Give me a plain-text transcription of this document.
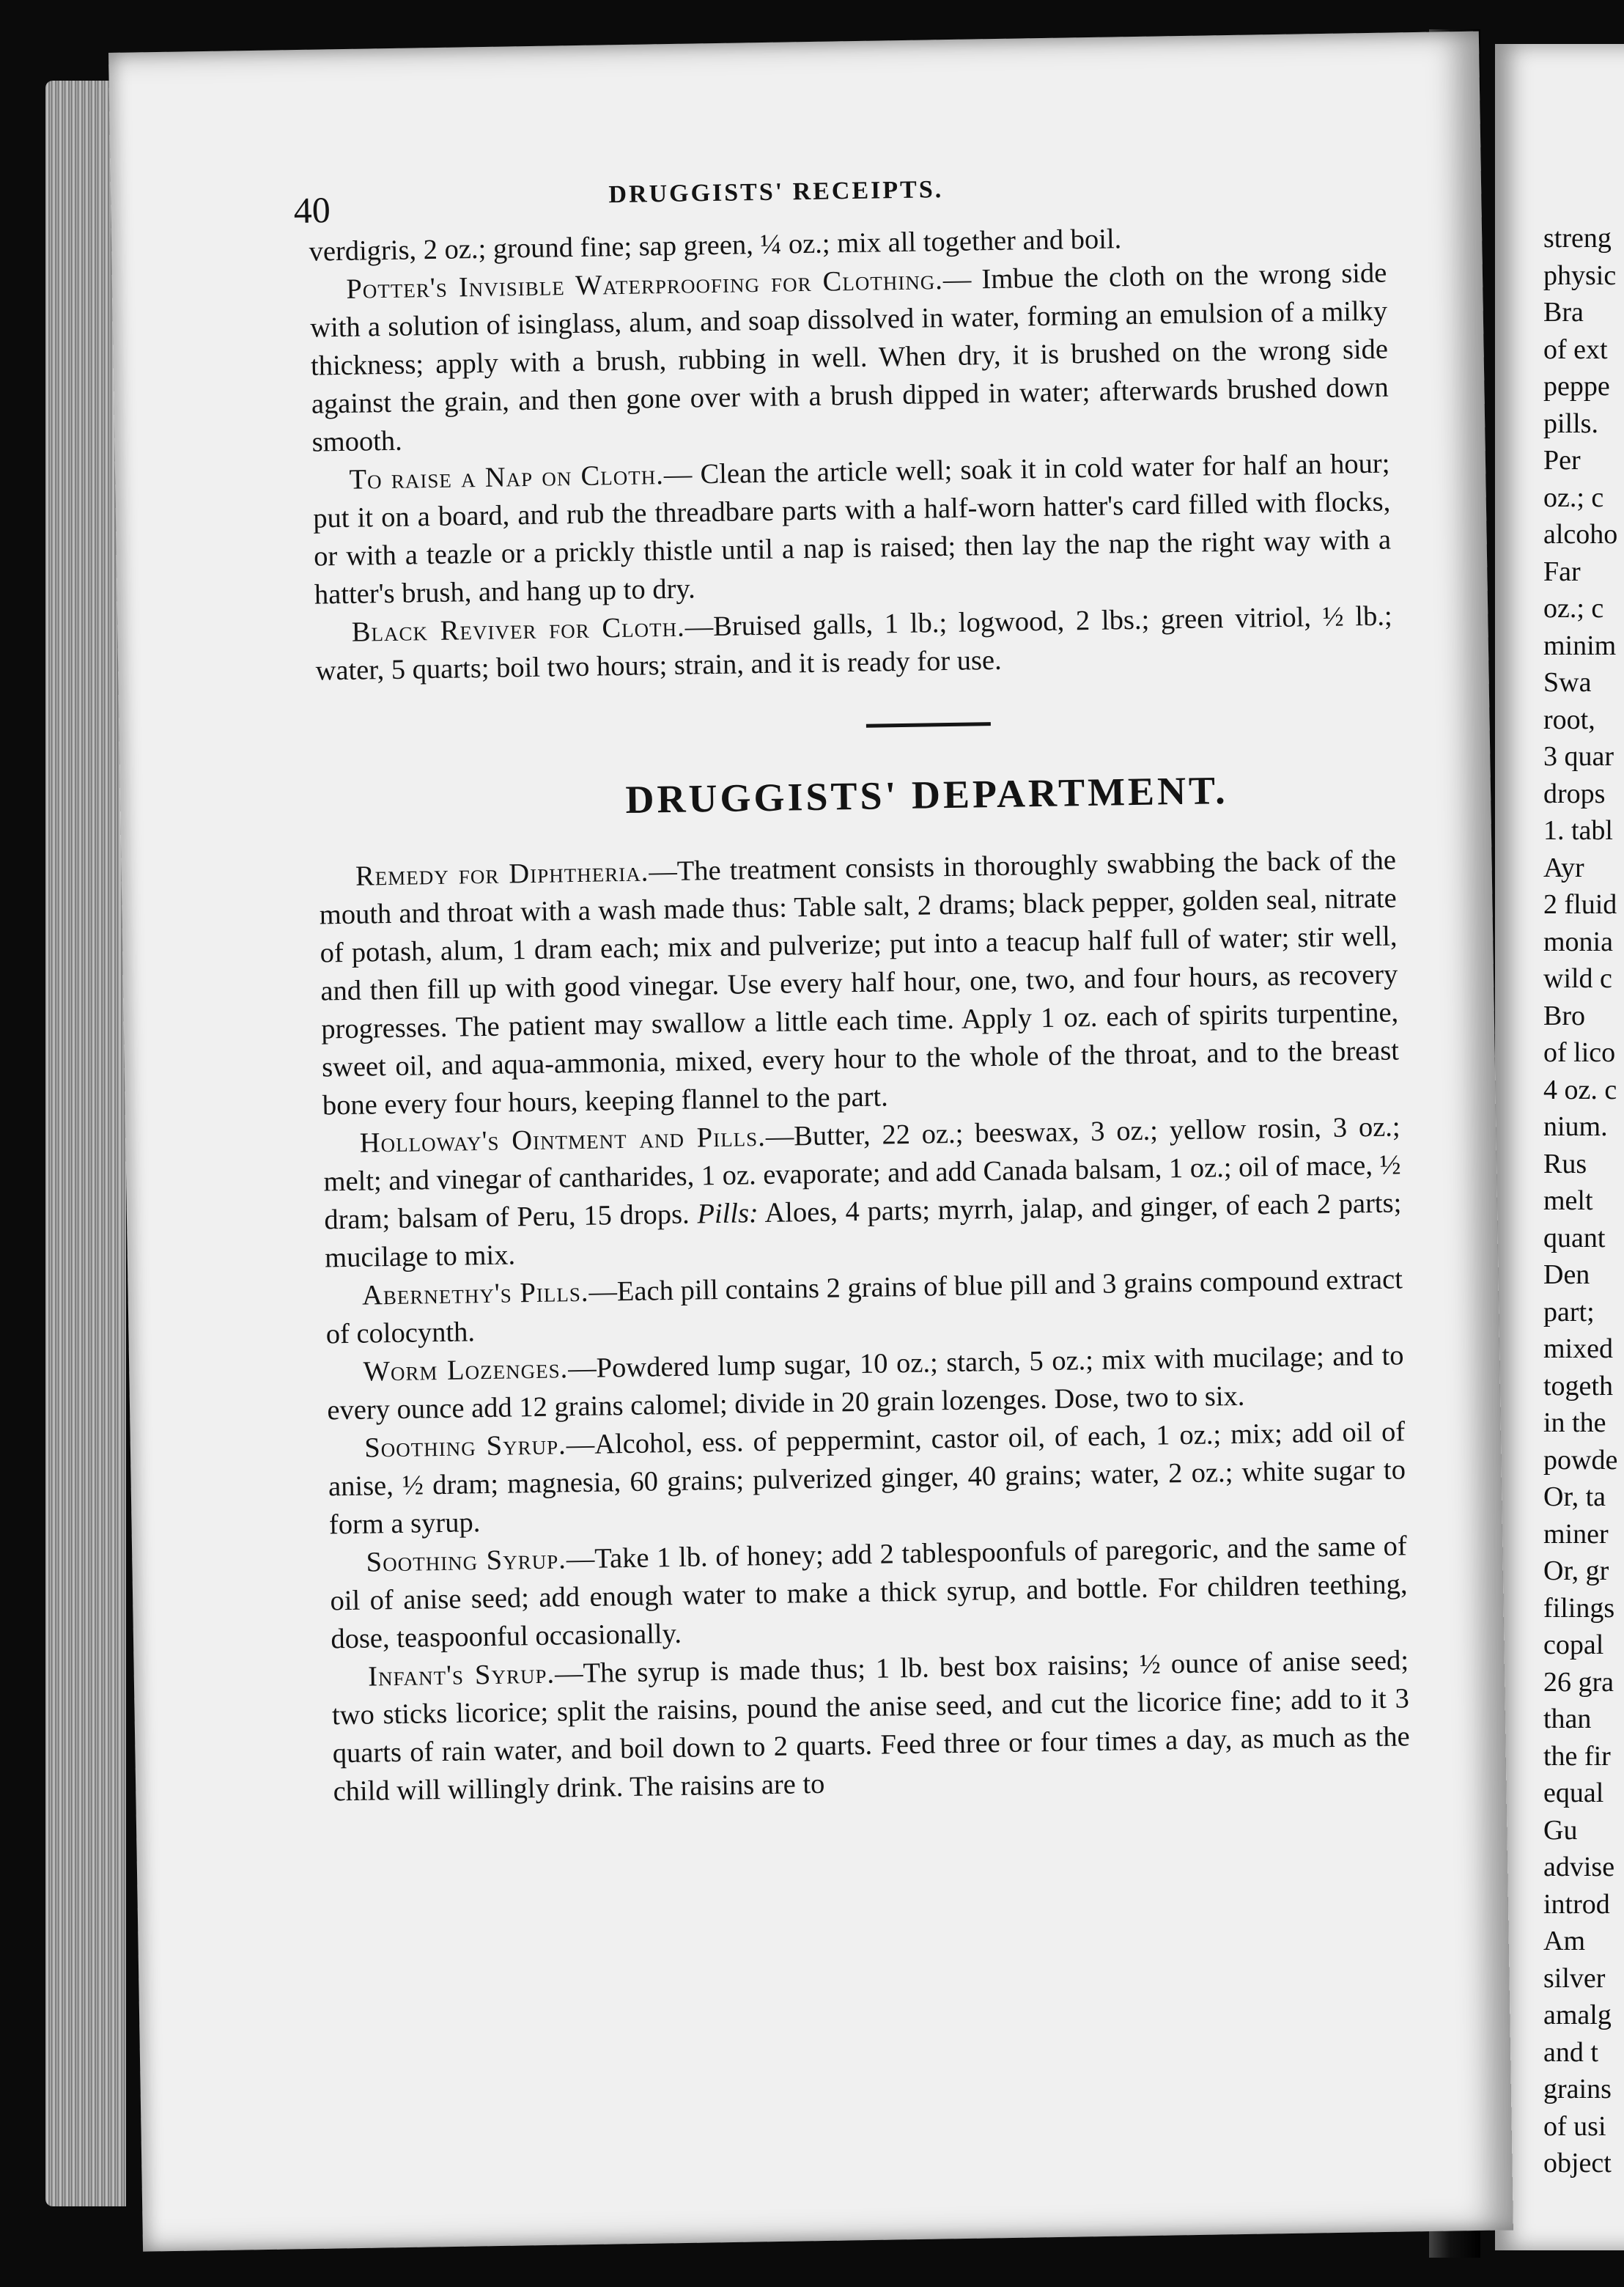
streng
physic
Bra
of ext
peppe
pills.
Per
oz.; c
alcoho
Far
oz.; c
minim
Swa
root,
3 quar
drops
1. tabl
Ayr
2 fluid
monia
wild c
Bro
of lico
4 oz. c
nium.
Rus
melt
quant
Den
part;
mixed
togeth
in the
powde
Or, ta
miner
Or, gr
filings
copal
26 gra
than
the fir
equal
Gu
advise
introd
Am
silver
amalg
and t
grains
of usi
object
40	DRUGGISTS' RECEIPTS.

verdigris, 2 oz.; ground fine; sap green, ¼ oz.; mix all together and boil.

Potter's Invisible Waterproofing for Clothing.— Imbue the cloth on the wrong side with a solution of isinglass, alum, and soap dissolved in water, forming an emulsion of a milky thickness; apply with a brush, rubbing in well. When dry, it is brushed on the wrong side against the grain, and then gone over with a brush dipped in water; afterwards brushed down smooth.

To raise a Nap on Cloth.— Clean the article well; soak it in cold water for half an hour; put it on a board, and rub the threadbare parts with a half-worn hatter's card filled with flocks, or with a teazle or a prickly thistle until a nap is raised; then lay the nap the right way with a hatter's brush, and hang up to dry.

Black Reviver for Cloth.—Bruised galls, 1 lb.; logwood, 2 lbs.; green vitriol, ½ lb.; water, 5 quarts; boil two hours; strain, and it is ready for use.

DRUGGISTS' DEPARTMENT.

Remedy for Diphtheria.—The treatment consists in thoroughly swabbing the back of the mouth and throat with a wash made thus: Table salt, 2 drams; black pepper, golden seal, nitrate of potash, alum, 1 dram each; mix and pulverize; put into a teacup half full of water; stir well, and then fill up with good vinegar. Use every half hour, one, two, and four hours, as recovery progresses. The patient may swallow a little each time. Apply 1 oz. each of spirits turpentine, sweet oil, and aqua-ammonia, mixed, every hour to the whole of the throat, and to the breast bone every four hours, keeping flannel to the part.

Holloway's Ointment and Pills.—Butter, 22 oz.; beeswax, 3 oz.; yellow rosin, 3 oz.; melt; and vinegar of cantharides, 1 oz. evaporate; and add Canada balsam, 1 oz.; oil of mace, ½ dram; balsam of Peru, 15 drops. Pills: Aloes, 4 parts; myrrh, jalap, and ginger, of each 2 parts; mucilage to mix.

Abernethy's Pills.—Each pill contains 2 grains of blue pill and 3 grains compound extract of colocynth.

Worm Lozenges.—Powdered lump sugar, 10 oz.; starch, 5 oz.; mix with mucilage; and to every ounce add 12 grains calomel; divide in 20 grain lozenges. Dose, two to six.

Soothing Syrup.—Alcohol, ess. of peppermint, castor oil, of each, 1 oz.; mix; add oil of anise, ½ dram; magnesia, 60 grains; pulverized ginger, 40 grains; water, 2 oz.; white sugar to form a syrup.

Soothing Syrup.—Take 1 lb. of honey; add 2 tablespoonfuls of paregoric, and the same of oil of anise seed; add enough water to make a thick syrup, and bottle. For children teething, dose, teaspoonful occasionally.

Infant's Syrup.—The syrup is made thus; 1 lb. best box raisins; ½ ounce of anise seed; two sticks licorice; split the raisins, pound the anise seed, and cut the licorice fine; add to it 3 quarts of rain water, and boil down to 2 quarts. Feed three or four times a day, as much as the child will willingly drink. The raisins are to
